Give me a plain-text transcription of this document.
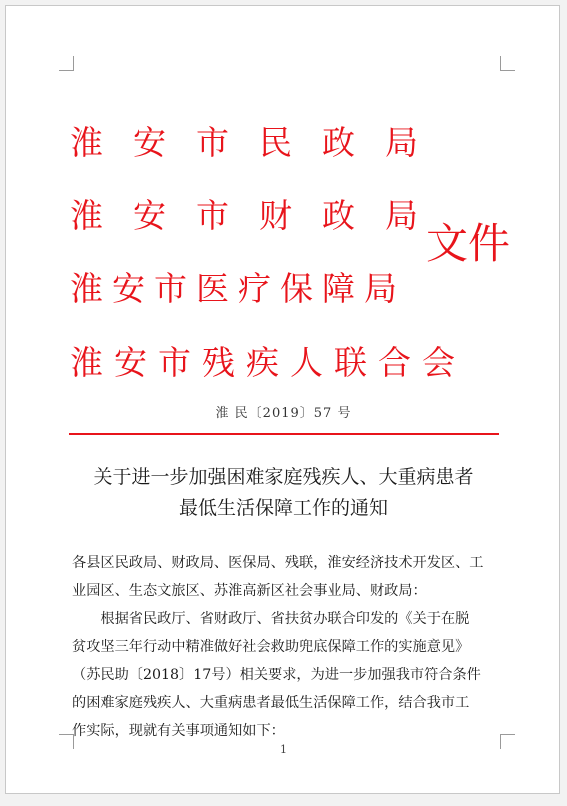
淮安市民政局
淮安市财政局
淮安市医疗保障局
淮安市残疾人联合会
文件
淮 民〔2019〕57 号
关于进一步加强困难家庭残疾人、大重病患者
最低生活保障工作的通知
各县区民政局、财政局、医保局、残联，淮安经济技术开发区、工
业园区、生态文旅区、苏淮高新区社会事业局、财政局：
　　根据省民政厅、省财政厅、省扶贫办联合印发的《关于在脱
贫攻坚三年行动中精准做好社会救助兜底保障工作的实施意见》
（苏民助〔2018〕17号）相关要求，为进一步加强我市符合条件
的困难家庭残疾人、大重病患者最低生活保障工作，结合我市工
作实际，现就有关事项通知如下：
1
